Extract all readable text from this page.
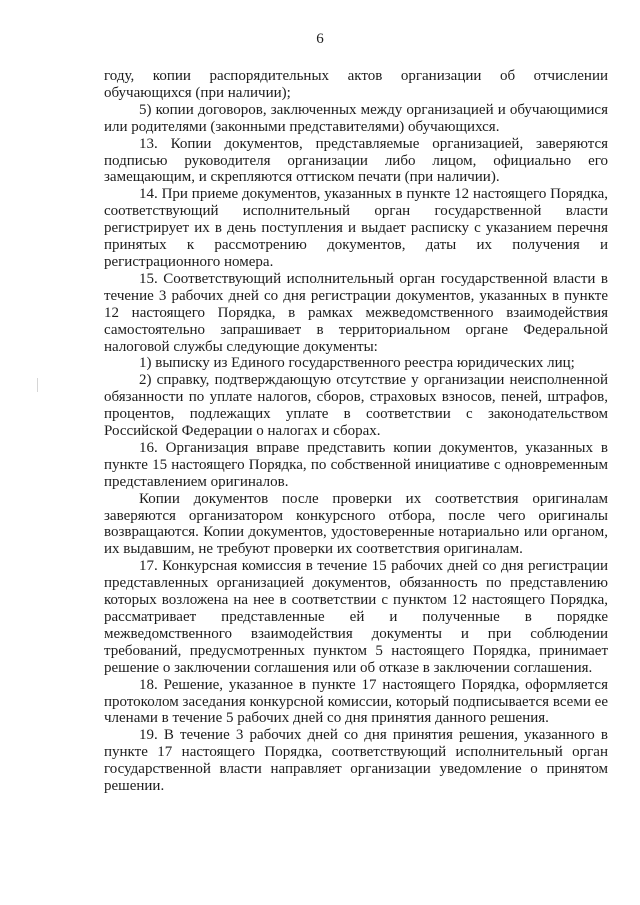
6

году, копии распорядительных актов организации об отчислении обучающихся (при наличии);

5) копии договоров, заключенных между организацией и обучающимися или родителями (законными представителями) обучающихся.

13. Копии документов, представляемые организацией, заверяются подписью руководителя организации либо лицом, официально его замещающим, и скрепляются оттиском печати (при наличии).

14. При приеме документов, указанных в пункте 12 настоящего Порядка, соответствующий исполнительный орган государственной власти регистрирует их в день поступления и выдает расписку с указанием перечня принятых к рассмотрению документов, даты их получения и регистрационного номера.

15. Соответствующий исполнительный орган государственной власти в течение 3 рабочих дней со дня регистрации документов, указанных в пункте 12 настоящего Порядка, в рамках межведомственного взаимодействия самостоятельно запрашивает в территориальном органе Федеральной налоговой службы следующие документы:

1) выписку из Единого государственного реестра юридических лиц;

2) справку, подтверждающую отсутствие у организации неисполненной обязанности по уплате налогов, сборов, страховых взносов, пеней, штрафов, процентов, подлежащих уплате в соответствии с законодательством Российской Федерации о налогах и сборах.

16. Организация вправе представить копии документов, указанных в пункте 15 настоящего Порядка, по собственной инициативе с одновременным представлением оригиналов.

Копии документов после проверки их соответствия оригиналам заверяются организатором конкурсного отбора, после чего оригиналы возвращаются. Копии документов, удостоверенные нотариально или органом, их выдавшим, не требуют проверки их соответствия оригиналам.

17. Конкурсная комиссия в течение 15 рабочих дней со дня регистрации представленных организацией документов, обязанность по представлению которых возложена на нее в соответствии с пунктом 12 настоящего Порядка, рассматривает представленные ей и полученные в порядке межведомственного взаимодействия документы и при соблюдении требований, предусмотренных пунктом 5 настоящего Порядка, принимает решение о заключении соглашения или об отказе в заключении соглашения.

18. Решение, указанное в пункте 17 настоящего Порядка, оформляется протоколом заседания конкурсной комиссии, который подписывается всеми ее членами в течение 5 рабочих дней со дня принятия данного решения.

19. В течение 3 рабочих дней со дня принятия решения, указанного в пункте 17 настоящего Порядка, соответствующий исполнительный орган государственной власти направляет организации уведомление о принятом решении.
